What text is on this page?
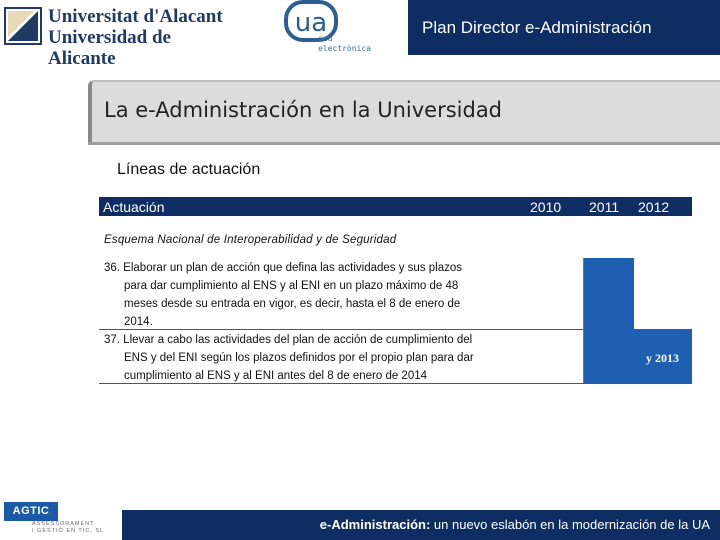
Universitat d'Alacant
Universidad de Alicante
ua
seu
electrònica
Plan Director e-Administración
La e-Administración en la Universidad
Líneas de actuación
Actuación	2010 2011 2012
Esquema Nacional de Interoperabilidad y de Seguridad
36. Elaborar un plan de acción que defina las actividades y sus plazos
para dar cumplimiento al ENS y al ENI en un plazo máximo de 48
meses desde su entrada en vigor, es decir, hasta el 8 de enero de
2014.
37. Llevar a cabo las actividades del plan de acción de cumplimiento del
ENS y del ENI según los plazos definidos por el propio plan para dar
cumplimiento al ENS y al ENI antes del 8 de enero de 2014
y 2013
AGTIC
ASSESSORAMENT
I GESTIÓ EN TIC, SL	e-Administración: un nuevo eslabón en la modernización de la UA
